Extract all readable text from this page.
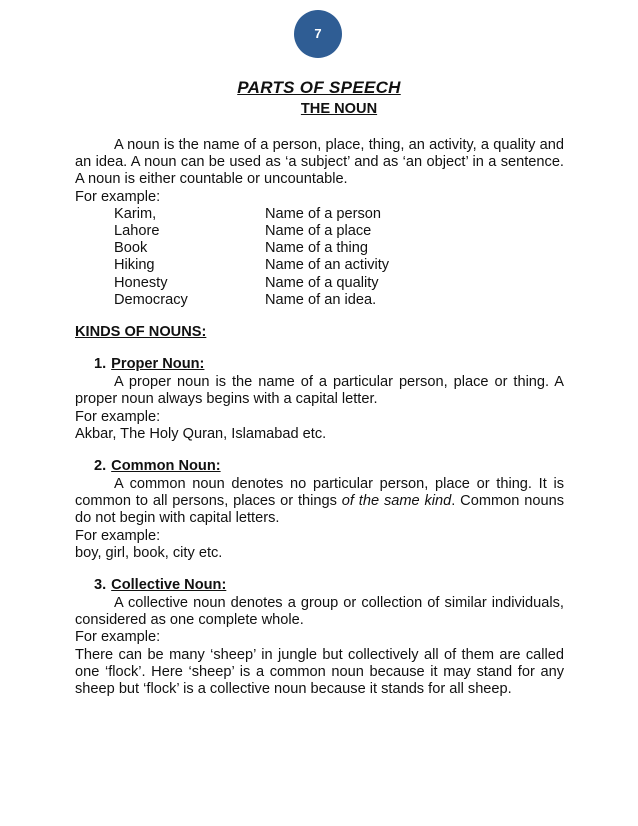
7
PARTS OF SPEECH
THE NOUN

A noun is the name of a person, place, thing, an activity, a quality and an idea. A noun can be used as ‘a subject’ and as ‘an object’ in a sentence. A noun is either countable or uncountable.

For example:

Karim,	Name of a person
Lahore	Name of a place
Book	Name of a thing
Hiking	Name of an activity
Honesty	Name of a quality
Democracy	Name of an idea.
KINDS OF NOUNS:
1. Proper Noun:

A proper noun is the name of a particular person, place or thing. A proper noun always begins with a capital letter.

For example:

Akbar, The Holy Quran, Islamabad etc.

2. Common Noun:

A common noun denotes no particular person, place or thing. It is common to all persons, places or things of the same kind. Common nouns do not begin with capital letters.

For example:

boy, girl, book, city etc.

3. Collective Noun:

A collective noun denotes a group or collection of similar individuals, considered as one complete whole.

For example:

There can be many ‘sheep’ in jungle but collectively all of them are called one ‘flock’. Here ‘sheep’ is a common noun because it may stand for any sheep but ‘flock’ is a collective noun because it stands for all sheep.
